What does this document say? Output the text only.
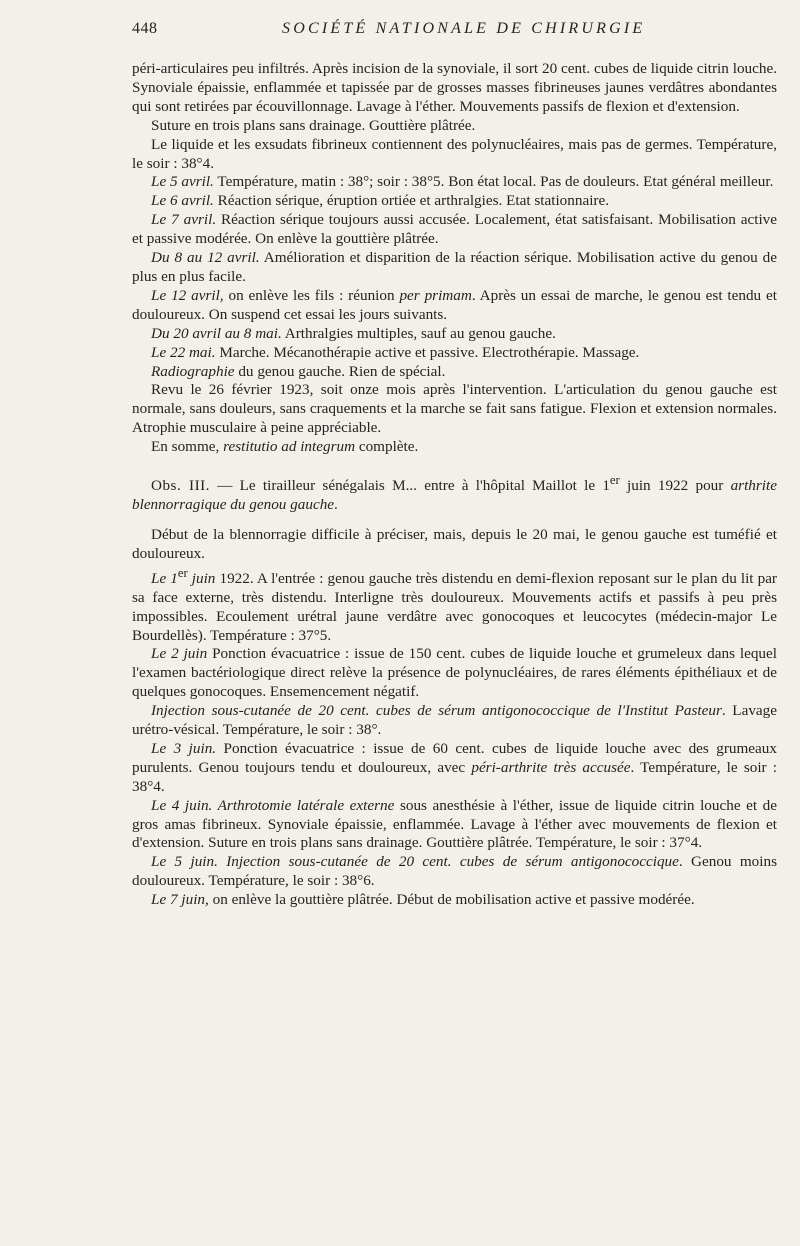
448	SOCIÉTÉ NATIONALE DE CHIRURGIE

péri-articulaires peu infiltrés. Après incision de la synoviale, il sort 20 cent. cubes de liquide citrin louche. Synoviale épaissie, enflammée et tapissée par de grosses masses fibrineuses jaunes verdâtres abondantes qui sont retirées par écouvillonnage. Lavage à l'éther. Mouvements passifs de flexion et d'extension.

Suture en trois plans sans drainage. Gouttière plâtrée.

Le liquide et les exsudats fibrineux contiennent des polynucléaires, mais pas de germes. Température, le soir : 38°4.

Le 5 avril. Température, matin : 38°; soir : 38°5. Bon état local. Pas de douleurs. Etat général meilleur.

Le 6 avril. Réaction sérique, éruption ortiée et arthralgies. Etat stationnaire.

Le 7 avril. Réaction sérique toujours aussi accusée. Localement, état satisfaisant. Mobilisation active et passive modérée. On enlève la gouttière plâtrée.

Du 8 au 12 avril. Amélioration et disparition de la réaction sérique. Mobilisation active du genou de plus en plus facile.

Le 12 avril, on enlève les fils : réunion per primam. Après un essai de marche, le genou est tendu et douloureux. On suspend cet essai les jours suivants.

Du 20 avril au 8 mai. Arthralgies multiples, sauf au genou gauche.

Le 22 mai. Marche. Mécanothérapie active et passive. Electrothérapie. Massage.

Radiographie du genou gauche. Rien de spécial.

Revu le 26 février 1923, soit onze mois après l'intervention. L'articulation du genou gauche est normale, sans douleurs, sans craquements et la marche se fait sans fatigue. Flexion et extension normales. Atrophie musculaire à peine appréciable.

En somme, restitutio ad integrum complète.

Obs. III. — Le tirailleur sénégalais M... entre à l'hôpital Maillot le 1er juin 1922 pour arthrite blennorragique du genou gauche.

Début de la blennorragie difficile à préciser, mais, depuis le 20 mai, le genou gauche est tuméfié et douloureux.

Le 1er juin 1922. A l'entrée : genou gauche très distendu en demi-flexion reposant sur le plan du lit par sa face externe, très distendu. Interligne très douloureux. Mouvements actifs et passifs à peu près impossibles. Ecoulement urétral jaune verdâtre avec gonocoques et leucocytes (médecin-major Le Bourdellès). Température : 37°5.

Le 2 juin Ponction évacuatrice : issue de 150 cent. cubes de liquide louche et grumeleux dans lequel l'examen bactériologique direct relève la présence de polynucléaires, de rares éléments épithéliaux et de quelques gonocoques. Ensemencement négatif.

Injection sous-cutanée de 20 cent. cubes de sérum antigonococcique de l'Institut Pasteur. Lavage urétro-vésical. Température, le soir : 38°.

Le 3 juin. Ponction évacuatrice : issue de 60 cent. cubes de liquide louche avec des grumeaux purulents. Genou toujours tendu et douloureux, avec péri-arthrite très accusée. Température, le soir : 38°4.

Le 4 juin. Arthrotomie latérale externe sous anesthésie à l'éther, issue de liquide citrin louche et de gros amas fibrineux. Synoviale épaissie, enflammée. Lavage à l'éther avec mouvements de flexion et d'extension. Suture en trois plans sans drainage. Gouttière plâtrée. Température, le soir : 37°4.

Le 5 juin. Injection sous-cutanée de 20 cent. cubes de sérum antigonococcique. Genou moins douloureux. Température, le soir : 38°6.

Le 7 juin, on enlève la gouttière plâtrée. Début de mobilisation active et passive modérée.
